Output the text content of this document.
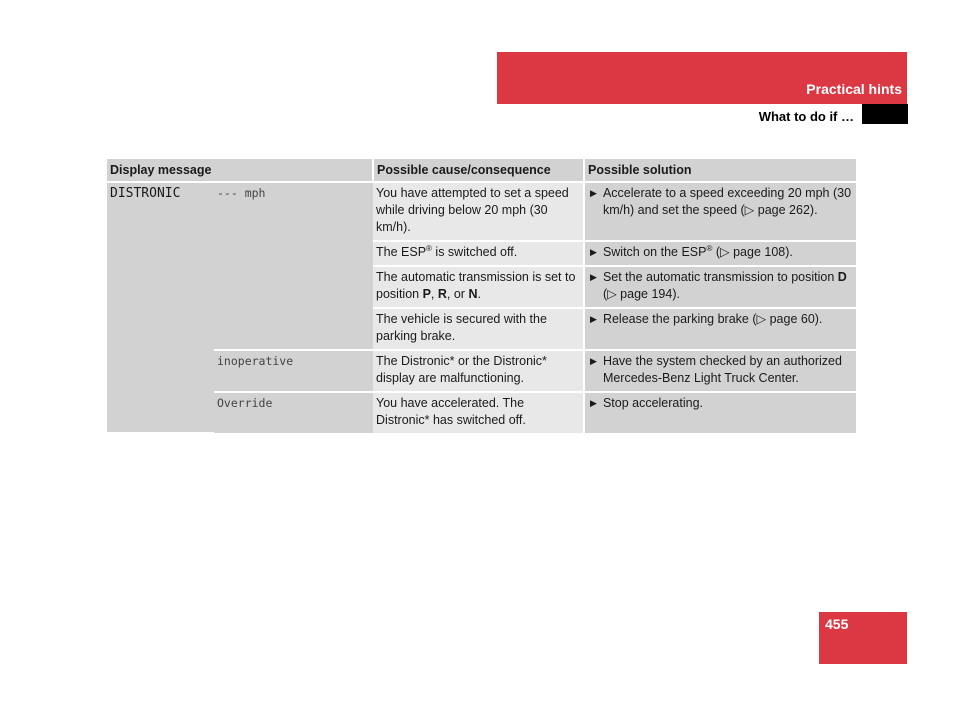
Practical hints
What to do if …
Display message		Possible cause/consequence	Possible solution
DISTRONIC	--- mph	You have attempted to set a speed while driving below 20 mph (30 km/h).	▶ Accelerate to a speed exceeding 20 mph (30 km/h) and set the speed (▷ page 262).

		The ESP® is switched off.	▶ Switch on the ESP® (▷ page 108).

		The automatic transmission is set to position P, R, or N.	▶ Set the automatic transmission to position D (▷ page 194).

		The vehicle is secured with the parking brake.	▶ Release the parking brake (▷ page 60).

	inoperative	The Distronic* or the Distronic* display are malfunctioning.	▶ Have the system checked by an authorized Mercedes-Benz Light Truck Center.

	Override	You have accelerated. The Distronic* has switched off.	▶ Stop accelerating.
455
